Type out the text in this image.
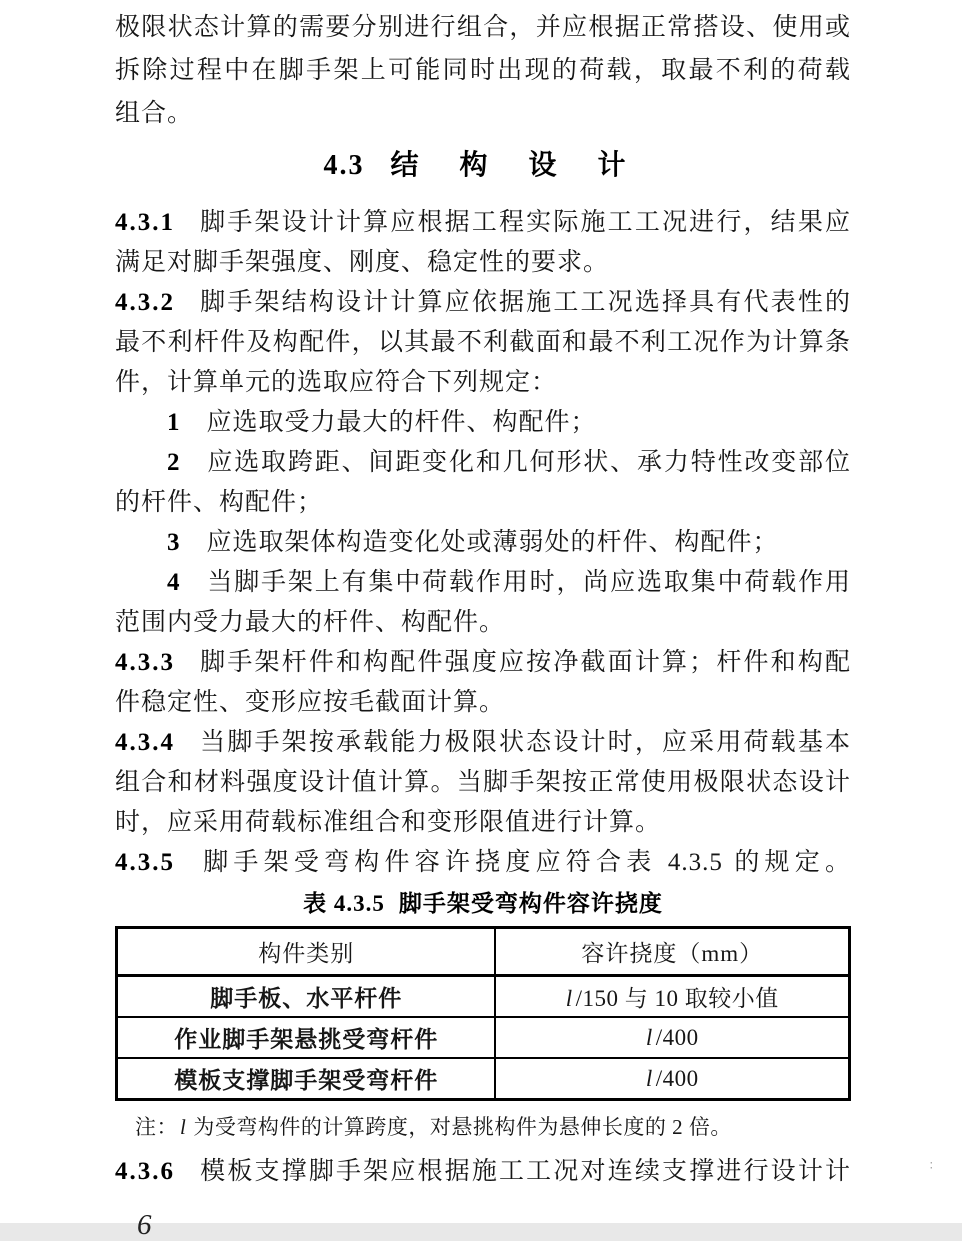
极限状态计算的需要分别进行组合，并应根据正常搭设、使用或
拆除过程中在脚手架上可能同时出现的荷载，取最不利的荷载
组合。
4.3 结 构 设 计
4.3.1 脚手架设计计算应根据工程实际施工工况进行，结果应
满足对脚手架强度、刚度、稳定性的要求。
4.3.2 脚手架结构设计计算应依据施工工况选择具有代表性的
最不利杆件及构配件，以其最不利截面和最不利工况作为计算条
件，计算单元的选取应符合下列规定：
1 应选取受力最大的杆件、构配件；
2 应选取跨距、间距变化和几何形状、承力特性改变部位
的杆件、构配件；
3 应选取架体构造变化处或薄弱处的杆件、构配件；
4 当脚手架上有集中荷载作用时，尚应选取集中荷载作用
范围内受力最大的杆件、构配件。
4.3.3 脚手架杆件和构配件强度应按净截面计算；杆件和构配
件稳定性、变形应按毛截面计算。
4.3.4 当脚手架按承载能力极限状态设计时，应采用荷载基本
组合和材料强度设计值计算。当脚手架按正常使用极限状态设计
时，应采用荷载标准组合和变形限值进行计算。
4.3.5 脚手架受弯构件容许挠度应符合表 4.3.5 的规定。
表 4.3.5 脚手架受弯构件容许挠度
构件类别	容许挠度（mm）
脚手板、水平杆件	l /150 与 10 取较小值
作业脚手架悬挑受弯杆件	l /400
模板支撑脚手架受弯杆件	l /400
注：l 为受弯构件的计算跨度，对悬挑构件为悬伸长度的 2 倍。
4.3.6 模板支撑脚手架应根据施工工况对连续支撑进行设计计
6
∶
